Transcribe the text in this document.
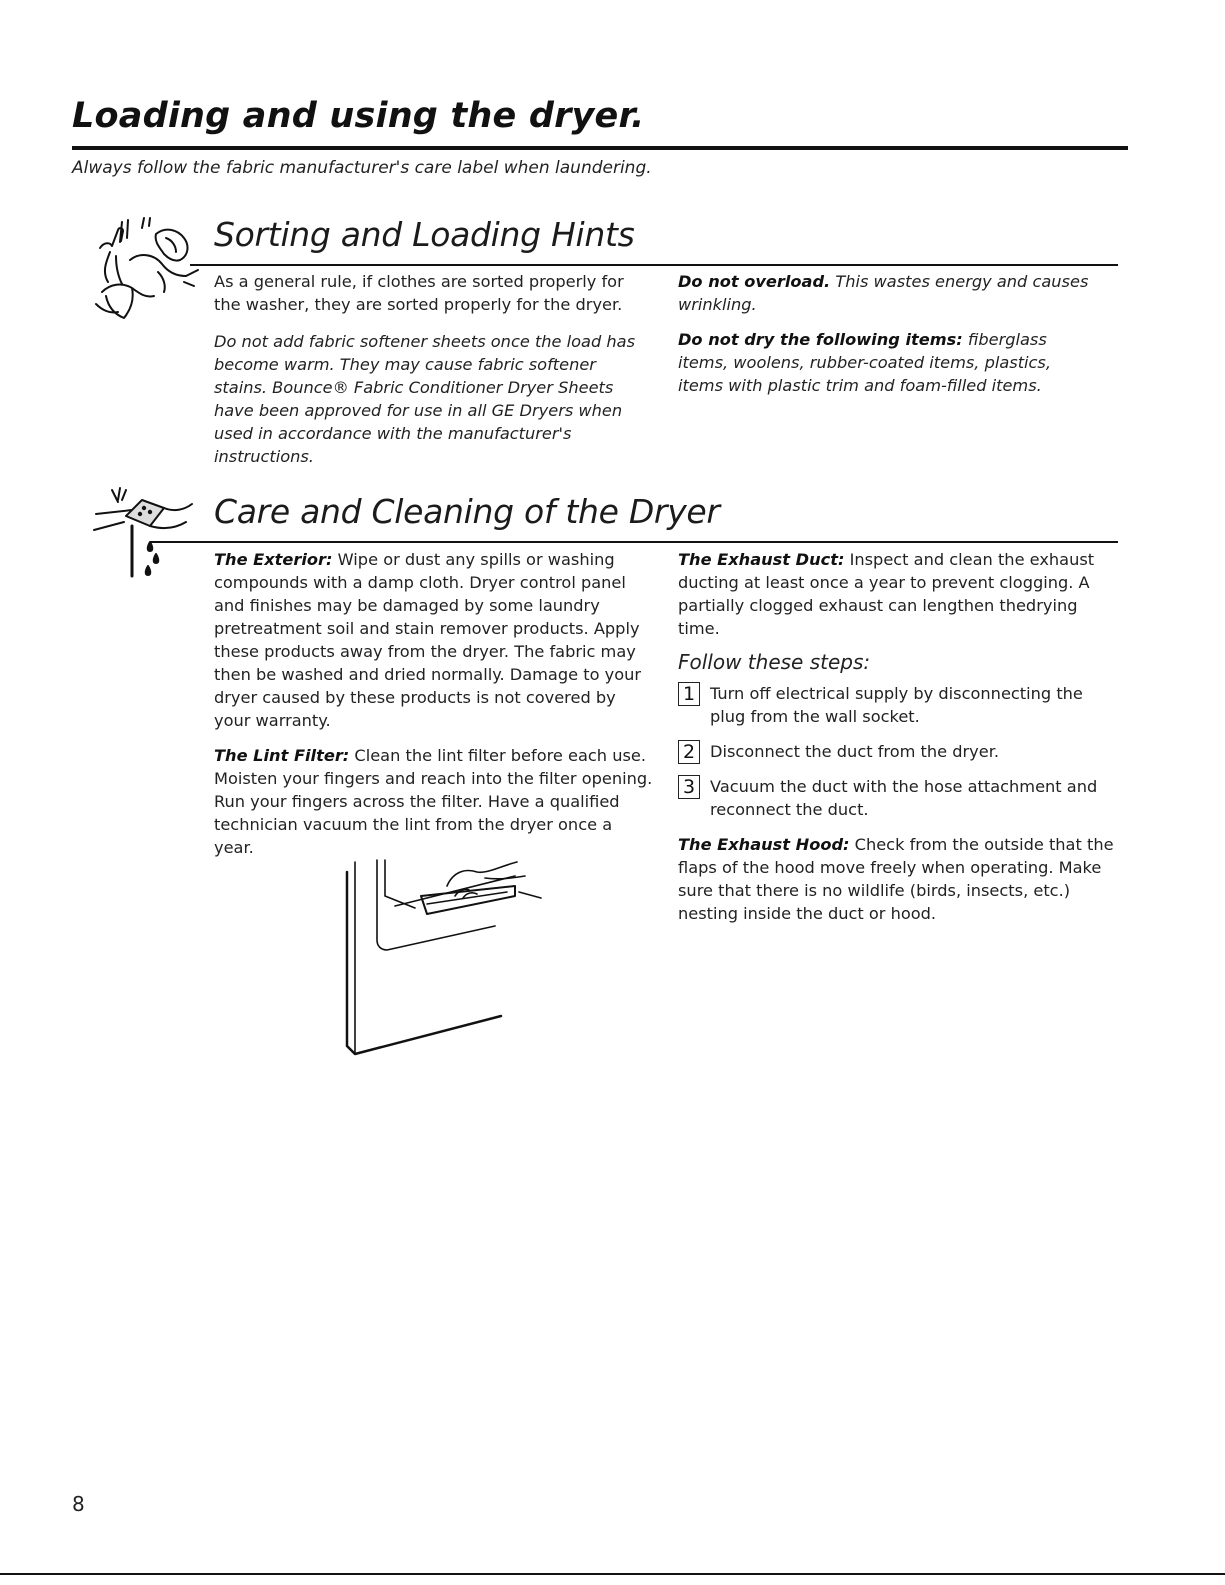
Loading and using the dryer.
Always follow the fabric manufacturer's care label when laundering.
Sorting and Loading Hints

As a general rule, if clothes are sorted properly for the washer, they are sorted properly for the dryer.

Do not add fabric softener sheets once the load has become warm. They may cause fabric softener stains. Bounce® Fabric Conditioner Dryer Sheets have been approved for use in all GE Dryers when used in accordance with the manufacturer's instructions.

Do not overload. This wastes energy and causes wrinkling.

Do not dry the following items: fiberglass items, woolens, rubber-coated items, plastics, items with plastic trim and foam-filled items.

Care and Cleaning of the Dryer

The Exterior: Wipe or dust any spills or washing compounds with a damp cloth. Dryer control panel and finishes may be damaged by some laundry pretreatment soil and stain remover products. Apply these products away from the dryer. The fabric may then be washed and dried normally. Damage to your dryer caused by these products is not covered by your warranty.

The Lint Filter: Clean the lint filter before each use. Moisten your fingers and reach into the filter opening. Run your fingers across the filter. Have a qualified technician vacuum the lint from the dryer once a year.

The Exhaust Duct: Inspect and clean the exhaust ducting at least once a year to prevent clogging. A partially clogged exhaust can lengthen thedrying time.

Follow these steps:

1 Turn off electrical supply by disconnecting the plug from the wall socket.

2 Disconnect the duct from the dryer.

3 Vacuum the duct with the hose attachment and reconnect the duct.

The Exhaust Hood: Check from the outside that the flaps of the hood move freely when operating. Make sure that there is no wildlife (birds, insects, etc.) nesting inside the duct or hood.

8
